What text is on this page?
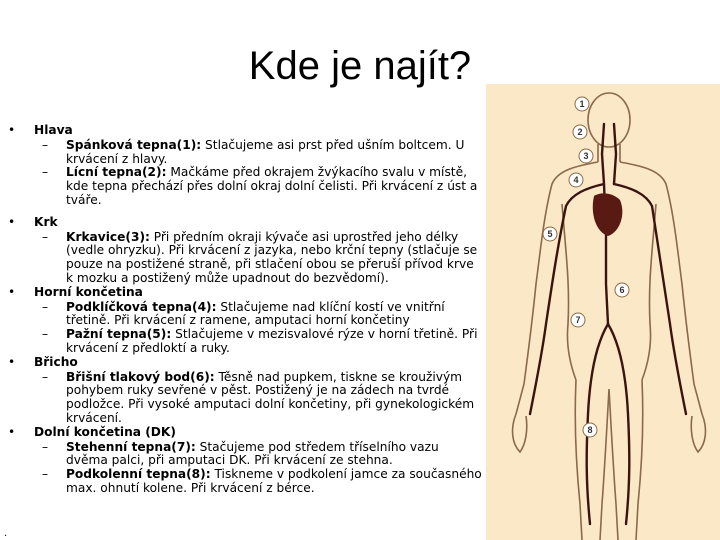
Kde je najít?
•	Hlava
– Spánková tepna(1): Stlačujeme asi prst před ušním boltcem. U krvácení z hlavy.
– Lícní tepna(2): Mačkáme před okrajem žvýkacího svalu v místě, kde tepna přechází přes dolní okraj dolní čelisti. Při krvácení z úst a tváře.
•	Krk
– Krkavice(3): Při předním okraji kývače asi uprostřed jeho délky (vedle ohryzku). Při krvácení z jazyka, nebo krční tepny (stlačuje se pouze na postižené straně, při stlačení obou se přeruší přívod krve k mozku a postižený může upadnout do bezvědomí).
•	Horní končetina
– Podklíčková tepna(4): Stlačujeme nad klíční kostí ve vnitřní třetině. Při krvácení z ramene, amputaci horní končetiny
– Pažní tepna(5): Stlačujeme v mezisvalové rýze v horní třetině. Při krvácení z předloktí a ruky.
•	Břicho
– Břišní tlakový bod(6): Těsně nad pupkem, tiskne se krouživým pohybem ruky sevřené v pěst. Postižený je na zádech na tvrdé podložce. Při vysoké amputaci dolní končetiny, při gynekologickém krvácení.
•	Dolní končetina (DK)
– Stehenní tepna(7): Stačujeme pod středem tříselního vazu dvěma palci, při amputaci DK. Při krvácení ze stehna.
– Podkolenní tepna(8): Tiskneme v podkolení jamce za současného max. ohnutí kolene. Při krvácení z bérce.
1
2
3
4
5
6
7
8
.
